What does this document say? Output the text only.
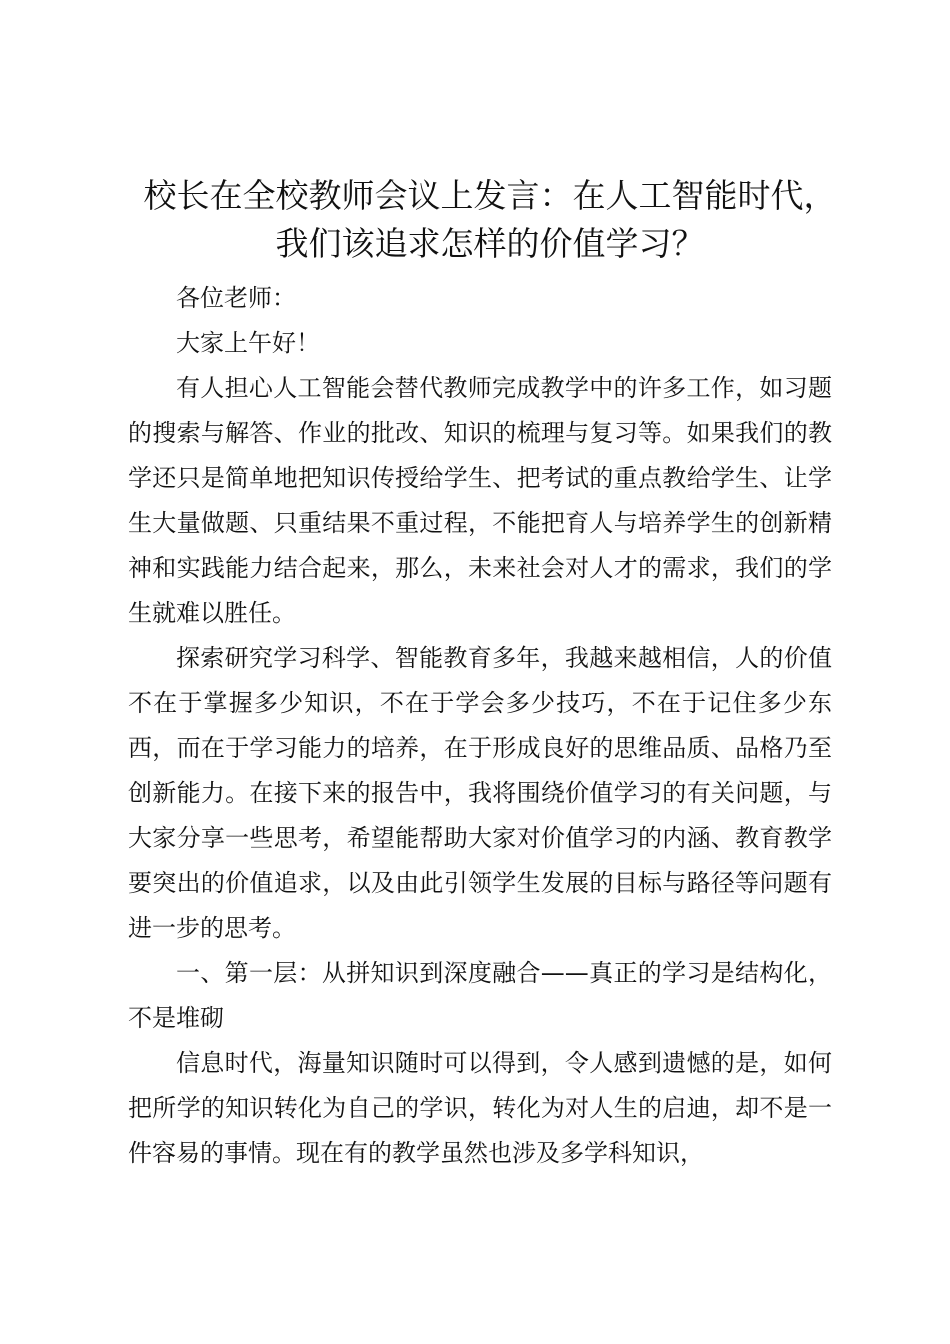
校长在全校教师会议上发言：在人工智能时代，
我们该追求怎样的价值学习？

各位老师：

大家上午好！

有人担心人工智能会替代教师完成教学中的许多工作，如习题的搜索与解答、作业的批改、知识的梳理与复习等。如果我们的教学还只是简单地把知识传授给学生、把考试的重点教给学生、让学生大量做题、只重结果不重过程，不能把育人与培养学生的创新精神和实践能力结合起来，那么，未来社会对人才的需求，我们的学生就难以胜任。

探索研究学习科学、智能教育多年，我越来越相信，人的价值不在于掌握多少知识，不在于学会多少技巧，不在于记住多少东西，而在于学习能力的培养，在于形成良好的思维品质、品格乃至创新能力。在接下来的报告中，我将围绕价值学习的有关问题，与大家分享一些思考，希望能帮助大家对价值学习的内涵、教育教学要突出的价值追求，以及由此引领学生发展的目标与路径等问题有进一步的思考。

一、第一层：从拼知识到深度融合——真正的学习是结构化，不是堆砌

信息时代，海量知识随时可以得到，令人感到遗憾的是，如何把所学的知识转化为自己的学识，转化为对人生的启迪，却不是一件容易的事情。现在有的教学虽然也涉及多学科知识，
